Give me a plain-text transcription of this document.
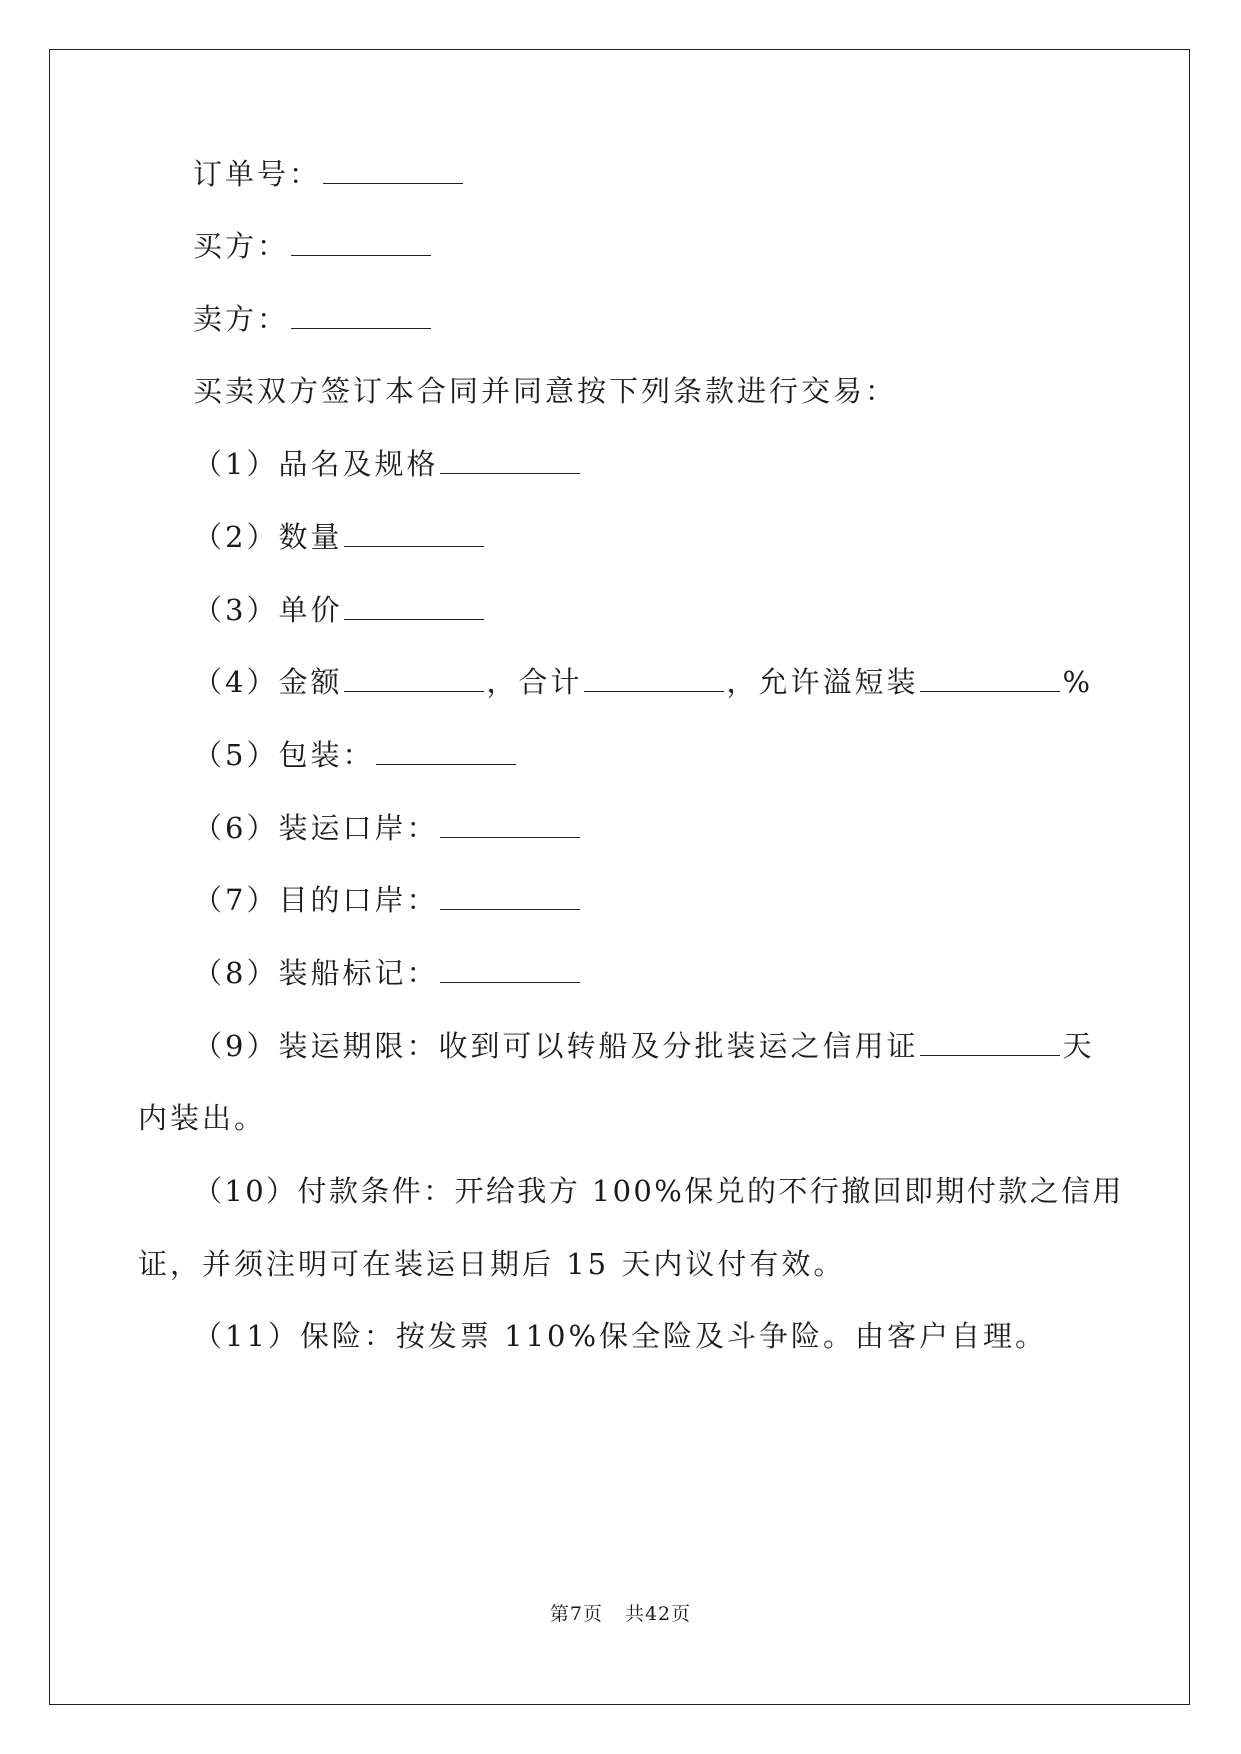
订单号：
买方：
卖方：
买卖双方签订本合同并同意按下列条款进行交易：
（1）品名及规格
（2）数量
（3）单价
（4）金额	，合计	，允许溢短装	%
（5）包装：
（6）装运口岸：
（7）目的口岸：
（8）装船标记：
（9）装运期限：收到可以转船及分批装运之信用证	天
内装出。
（10）付款条件：开给我方 100%保兑的不行撤回即期付款之信用
证，并须注明可在装运日期后 15 天内议付有效。
（11）保险：按发票 110%保全险及斗争险。由客户自理。
第7页 共42页
